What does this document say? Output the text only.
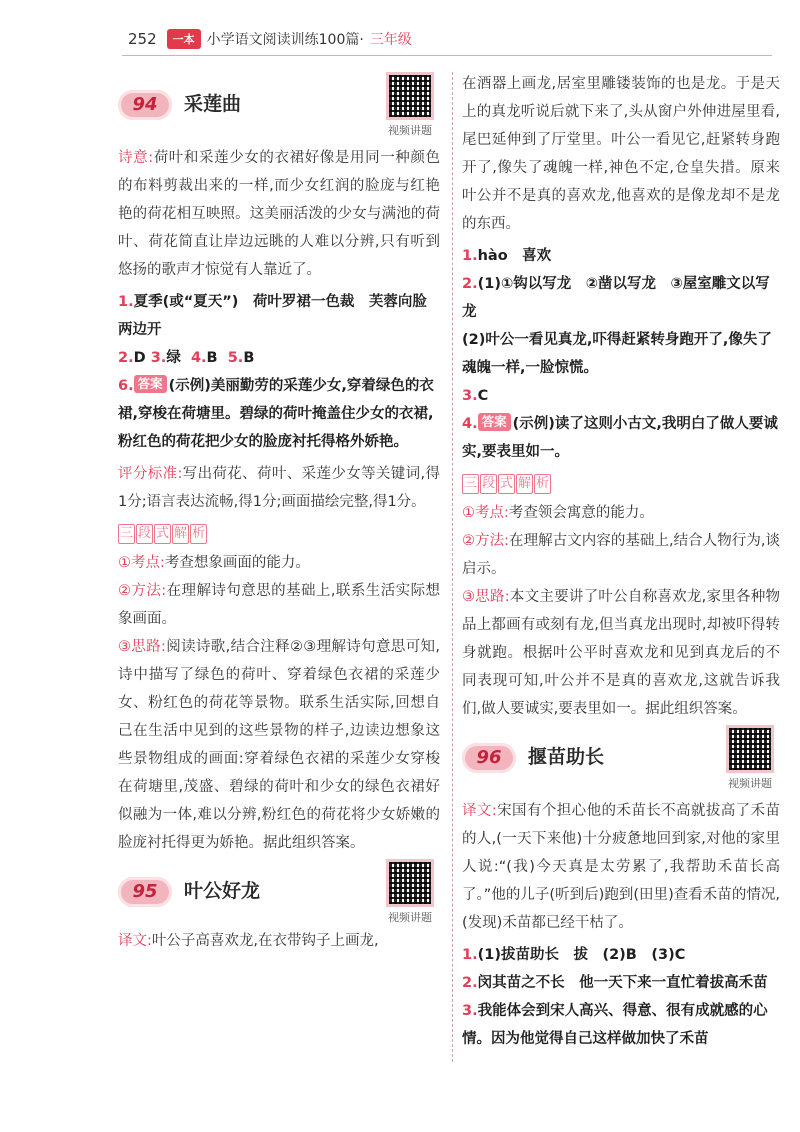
252	一本 小学语文阅读训练100篇· 三年级
94	采莲曲
视频讲题

诗意:荷叶和采莲少女的衣裙好像是用同一种颜色的布料剪裁出来的一样,而少女红润的脸庞与红艳艳的荷花相互映照。这美丽活泼的少女与满池的荷叶、荷花简直让岸边远眺的人难以分辨,只有听到悠扬的歌声才惊觉有人靠近了。

1.夏季(或“夏天”)　荷叶罗裙一色裁　芙蓉向脸两边开

2.D 3.绿 4.B 5.B

6. 答案 (示例)美丽勤劳的采莲少女,穿着绿色的衣裙,穿梭在荷塘里。碧绿的荷叶掩盖住少女的衣裙,粉红色的荷花把少女的脸庞衬托得格外娇艳。

评分标准:写出荷花、荷叶、采莲少女等关键词,得1分;语言表达流畅,得1分;画面描绘完整,得1分。

三 段 式 解 析

①考点:考查想象画面的能力。

②方法:在理解诗句意思的基础上,联系生活实际想象画面。

③思路:阅读诗歌,结合注释②③理解诗句意思可知,诗中描写了绿色的荷叶、穿着绿色衣裙的采莲少女、粉红色的荷花等景物。联系生活实际,回想自己在生活中见到的这些景物的样子,边读边想象这些景物组成的画面:穿着绿色衣裙的采莲少女穿梭在荷塘里,茂盛、碧绿的荷叶和少女的绿色衣裙好似融为一体,难以分辨,粉红色的荷花将少女娇嫩的脸庞衬托得更为娇艳。据此组织答案。

95	叶公好龙
视频讲题

译文:叶公子高喜欢龙,在衣带钩子上画龙,

在酒器上画龙,居室里雕镂装饰的也是龙。于是天上的真龙听说后就下来了,头从窗户外伸进屋里看,尾巴延伸到了厅堂里。叶公一看见它,赶紧转身跑开了,像失了魂魄一样,神色不定,仓皇失措。原来叶公并不是真的喜欢龙,他喜欢的是像龙却不是龙的东西。

1.hào　喜欢

2.(1)①钩以写龙　②凿以写龙　③屋室雕文以写龙

(2)叶公一看见真龙,吓得赶紧转身跑开了,像失了魂魄一样,一脸惊慌。

3.C

4. 答案 (示例)读了这则小古文,我明白了做人要诚实,要表里如一。

三 段 式 解 析

①考点:考查领会寓意的能力。

②方法:在理解古文内容的基础上,结合人物行为,谈启示。

③思路:本文主要讲了叶公自称喜欢龙,家里各种物品上都画有或刻有龙,但当真龙出现时,却被吓得转身就跑。根据叶公平时喜欢龙和见到真龙后的不同表现可知,叶公并不是真的喜欢龙,这就告诉我们,做人要诚实,要表里如一。据此组织答案。

96	揠苗助长
视频讲题

译文:宋国有个担心他的禾苗长不高就拔高了禾苗的人,(一天下来他)十分疲惫地回到家,对他的家里人说:“(我)今天真是太劳累了,我帮助禾苗长高了。”他的儿子(听到后)跑到(田里)查看禾苗的情况,(发现)禾苗都已经干枯了。

1.(1)拔苗助长　拔　(2)B　(3)C

2.闵其苗之不长　他一天下来一直忙着拔高禾苗

3.我能体会到宋人高兴、得意、很有成就感的心情。因为他觉得自己这样做加快了禾苗
